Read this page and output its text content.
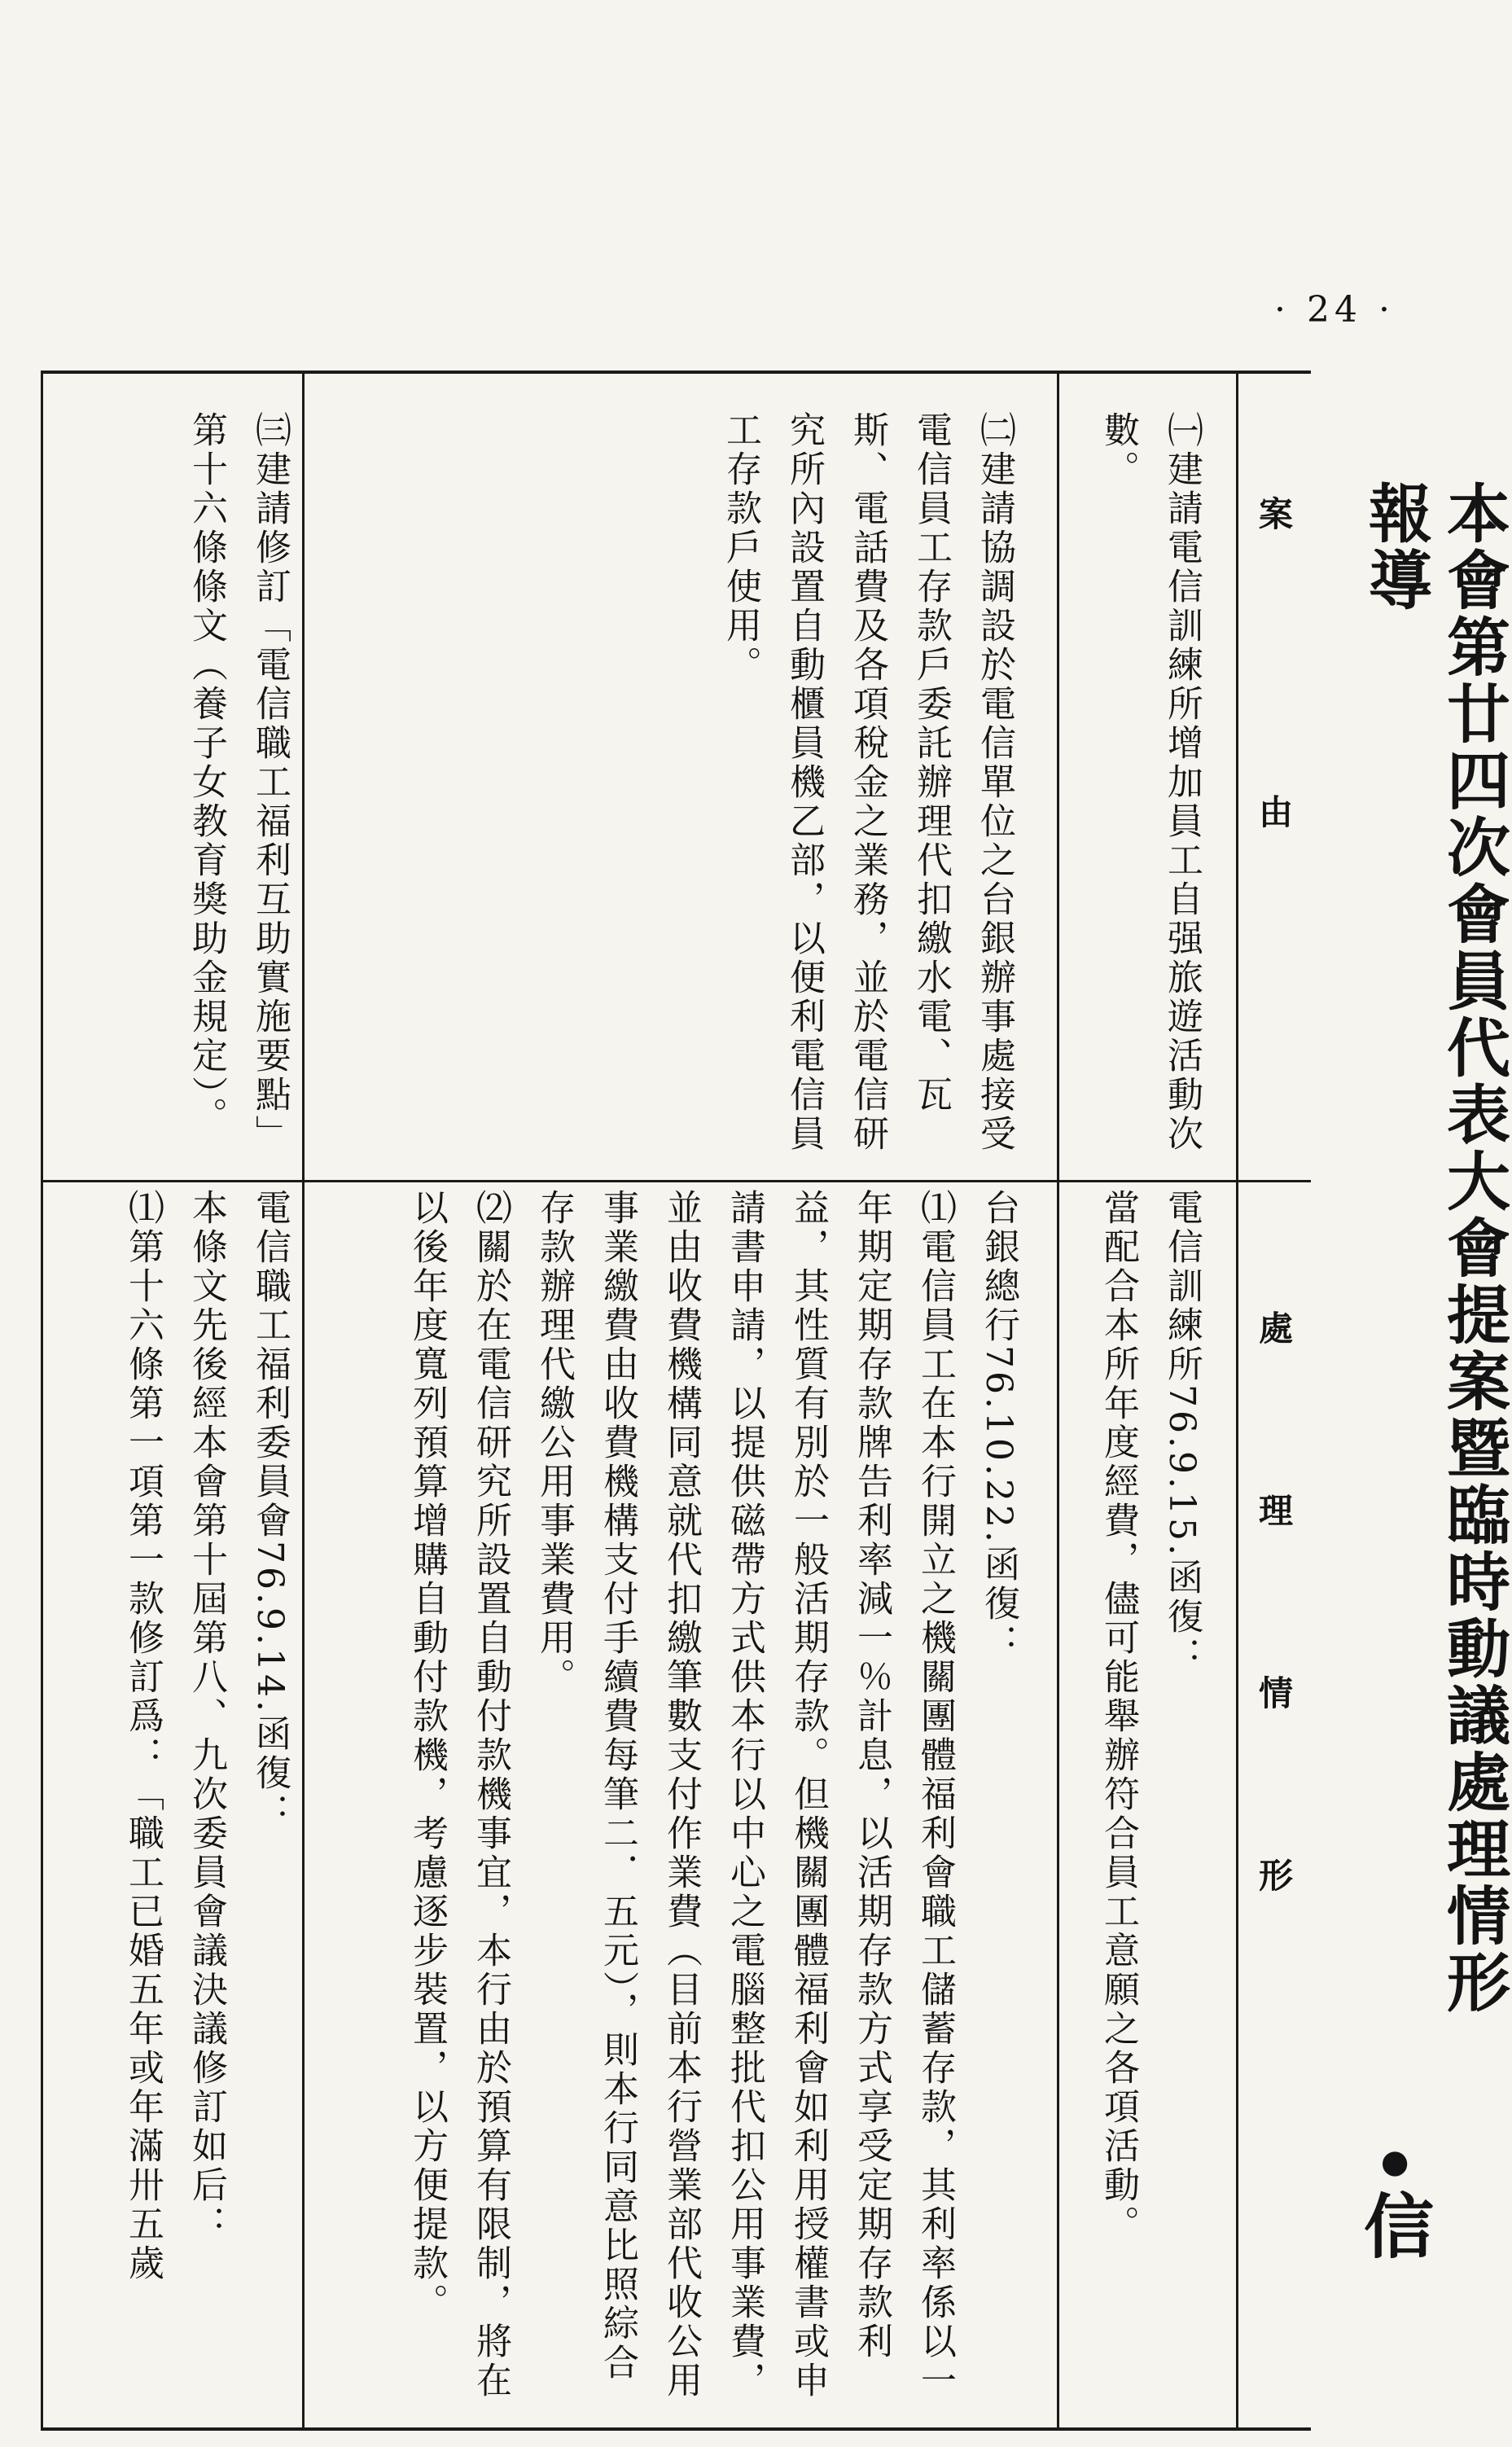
· 24 ·
本會第廿四次會員代表大會提案暨臨時動議處理情形報導
•信
案　　由
處　理　情　形
㈠建請電信訓練所增加員工自强旅遊活動次數。
電信訓練所76.9.15.函復：
當配合本所年度經費，儘可能舉辦符合員工意願之各項活動。
㈡建請協調設於電信單位之台銀辦事處接受電信員工存款戶委託辦理代扣繳水電、瓦斯、電話費及各項稅金之業務，並於電信研究所內設置自動櫃員機乙部，以便利電信員工存款戶使用。
台銀總行76.10.22.函復：
⑴電信員工在本行開立之機關團體福利會職工儲蓄存款，其利率係以一年期定期存款牌告利率減一％計息，以活期存款方式享受定期存款利益，其性質有別於一般活期存款。但機關團體福利會如利用授權書或申請書申請，以提供磁帶方式供本行以中心之電腦整批代扣公用事業費，並由收費機構同意就代扣繳筆數支付作業費（目前本行營業部代收公用事業繳費由收費機構支付手續費每筆二．五元），則本行同意比照綜合存款辦理代繳公用事業費用。
⑵關於在電信研究所設置自動付款機事宜，本行由於預算有限制，將在以後年度寬列預算增購自動付款機，考慮逐步裝置，以方便提款。
㈢建請修訂「電信職工福利互助實施要點」第十六條條文（養子女教育獎助金規定）。
電信職工福利委員會76.9.14.函復：
本條文先後經本會第十屆第八、九次委員會議決議修訂如后：
⑴第十六條第一項第一款修訂爲：「職工已婚五年或年滿卅五歲
